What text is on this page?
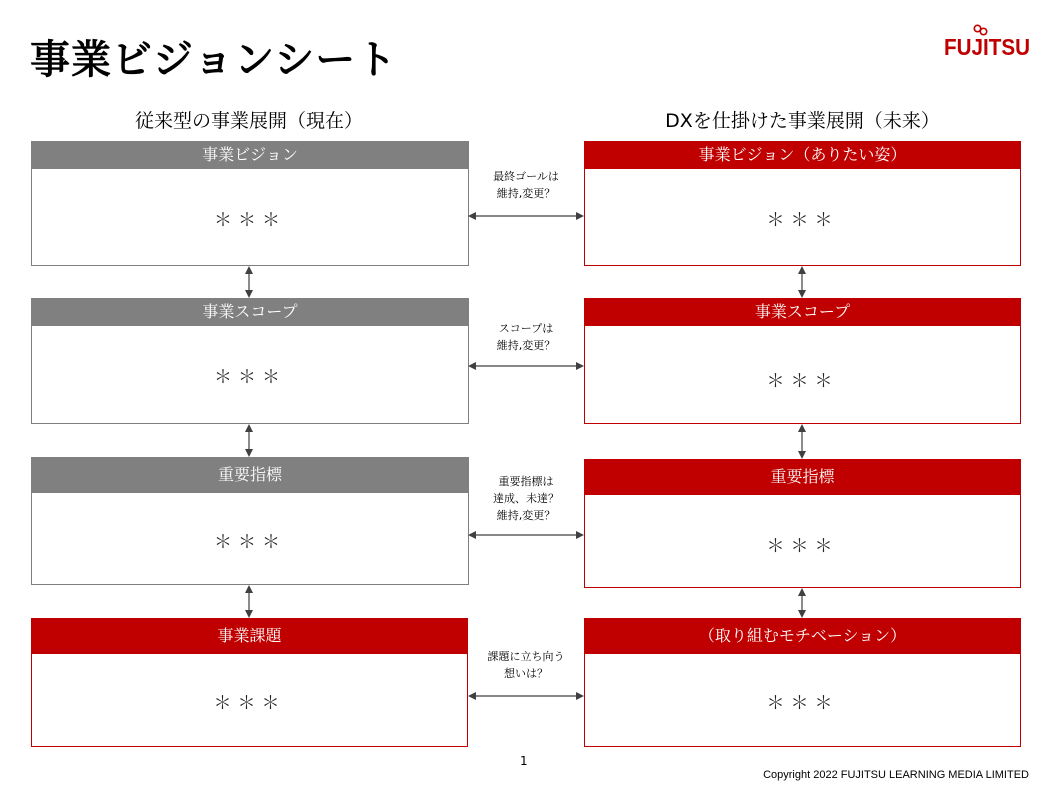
事業ビジョンシート	FUJITSU
従来型の事業展開（現在）	DXを仕掛けた事業展開（未来）
事業ビジョン
＊＊＊
事業スコープ
＊＊＊
重要指標
＊＊＊
事業課題
＊＊＊
事業ビジョン（ありたい姿）
＊＊＊
事業スコープ
＊＊＊
重要指標
＊＊＊
（取り組むモチベーション）
＊＊＊
最終ゴールは
維持,変更？
スコープは
維持,変更？
重要指標は
達成、未達？
維持,変更？
課題に立ち向う
想いは？
1
Copyright 2022 FUJITSU LEARNING MEDIA LIMITED
